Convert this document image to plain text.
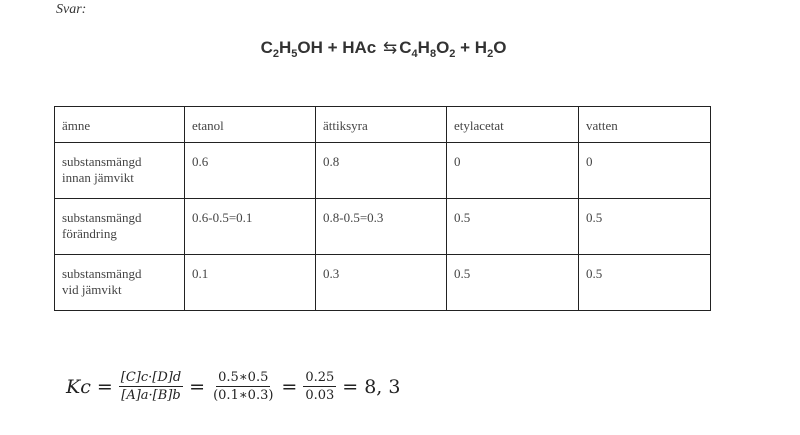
Svar:
$C_2H_5OH$ + HAc ⇆ $C_4H_8O_2 + H_2O$
ämne	etanol	ättiksyra	etylacetat	vatten
substansmängd
innan jämvikt	0.6	0.8	0	0
substansmängd
förändring	0.6-0.5=0.1	0.8-0.5=0.3	0.5	0.5
substansmängd
vid jämvikt	0.1	0.3	0.5	0.5
$Kc = \frac{[C]c\cdot[D]d}{[A]a\cdot[B]b} = \frac{0.5∗0.5}{(0.1∗0.3)} = \frac{0.25}{0.03} = 8$, 3
